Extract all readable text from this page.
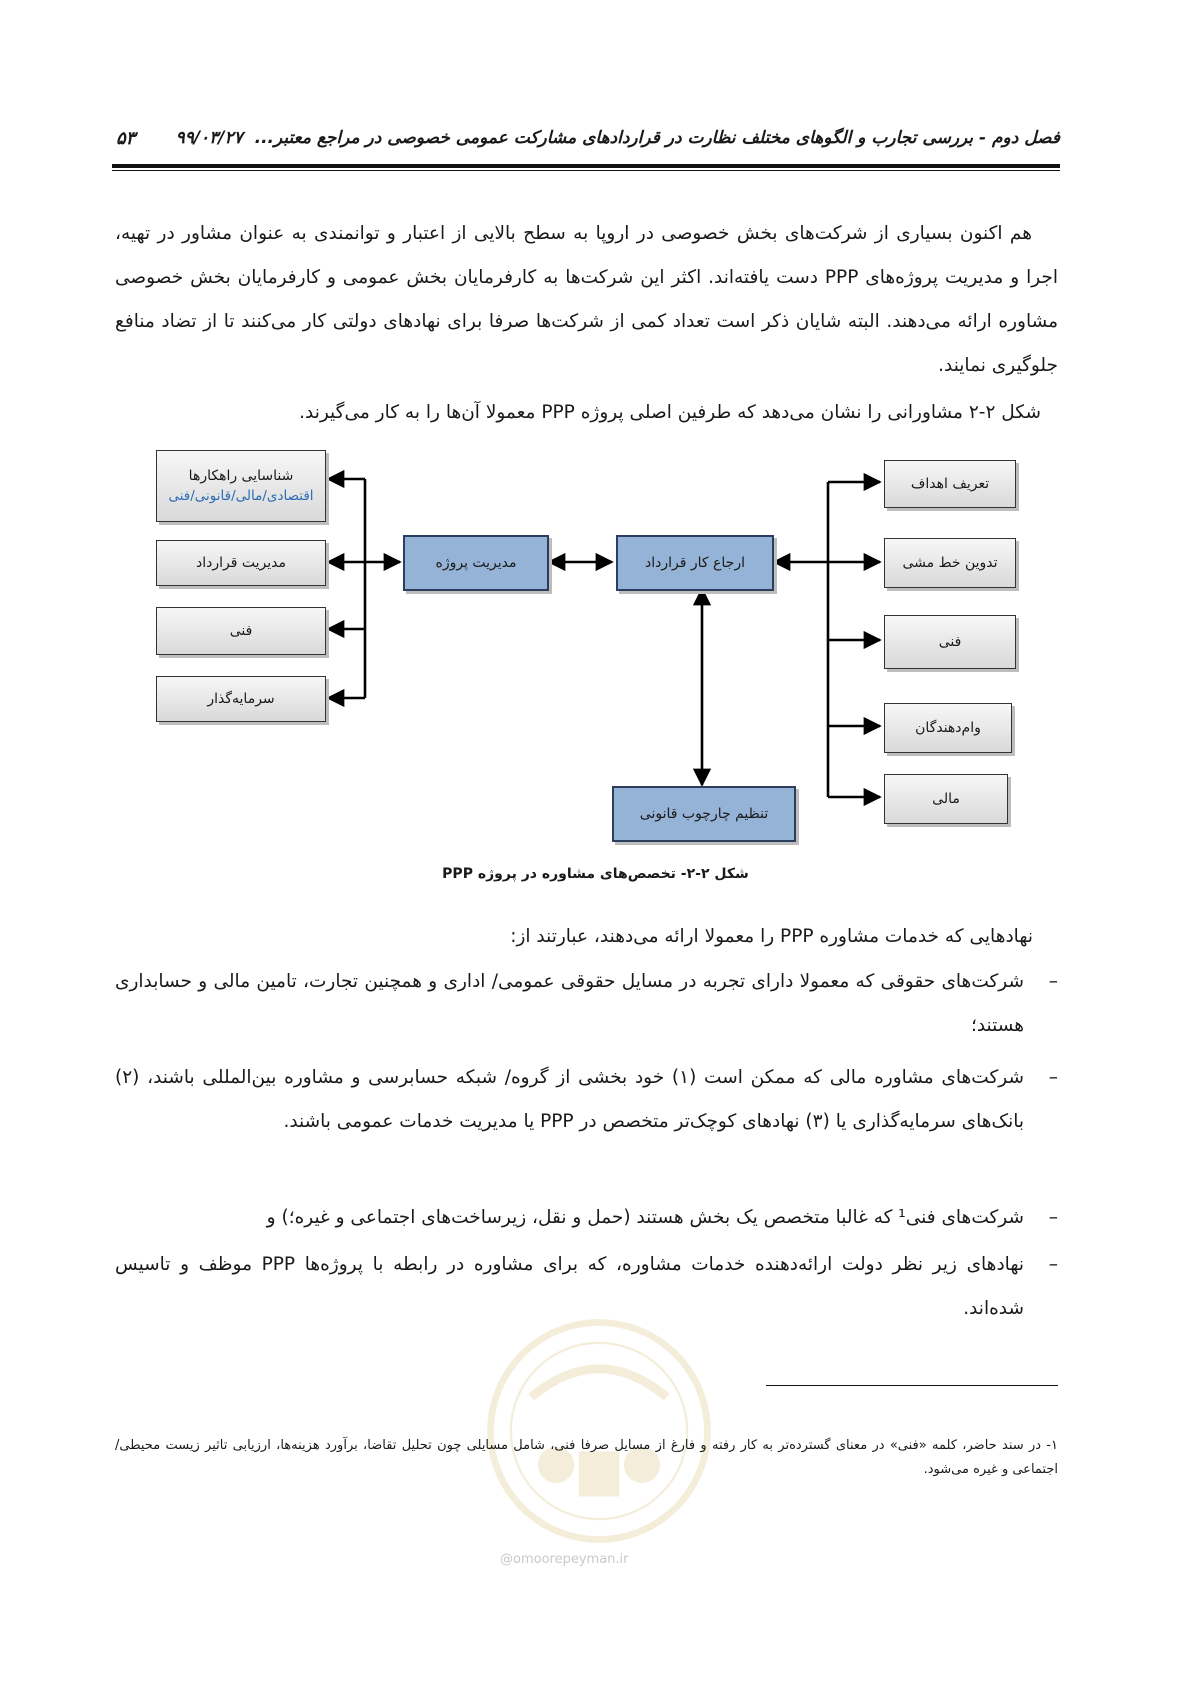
فصل دوم - بررسی تجارب و الگوهای مختلف نظارت در قراردادهای مشارکت عمومی خصوصی در مراجع معتبر...  ۹۹/۰۳/۲۷
۵۳
هم اکنون بسیاری از شرکت‌های بخش خصوصی در اروپا به سطح بالایی از اعتبار و توانمندی به عنوان مشاور در تهیه، اجرا و مدیریت پروژه‌های PPP دست یافته‌اند. اکثر این شرکت‌ها به کارفرمایان بخش عمومی و کارفرمایان بخش خصوصی مشاوره ارائه می‌دهند. البته شایان ذکر است تعداد کمی از شرکت‌ها صرفا برای نهادهای دولتی کار می‌کنند تا از تضاد منافع جلوگیری نمایند.
شکل ۲-۲ مشاورانی را نشان می‌دهد که طرفین اصلی پروژه PPP معمولا آن‌ها را به کار می‌گیرند.
شناسایی راهکارها
اقتصادی/مالی/قانونی/فنی
مدیریت قرارداد
فنی
سرمایه‌گذار
مدیریت پروژه	ارجاع کار قرارداد
تنظیم چارچوب قانونی
تعریف اهداف
تدوین خط مشی
فنی
وام‌دهندگان
مالی
شکل ۲-۲- تخصص‌های مشاوره در پروژه PPP
نهادهایی که خدمات مشاوره PPP را معمولا ارائه می‌دهند، عبارتند از:
–
شرکت‌های حقوقی که معمولا دارای تجربه در مسایل حقوقی عمومی/ اداری و همچنین تجارت، تامین مالی و حسابداری هستند؛
–
شرکت‌های مشاوره مالی که ممکن است (۱) خود بخشی از گروه/ شبکه حسابرسی و مشاوره بین‌المللی باشند، (۲) بانک‌های سرمایه‌گذاری یا (۳) نهادهای کوچک‌تر متخصص در PPP یا مدیریت خدمات عمومی باشند.
–
شرکت‌های فنی¹ که غالبا متخصص یک بخش هستند (حمل و نقل، زیرساخت‌های اجتماعی و غیره؛) و
–
نهادهای زیر نظر دولت ارائه‌دهنده خدمات مشاوره، که برای مشاوره در رابطه با پروژه‌ها PPP موظف و تاسیس شده‌اند.
@omoorepeyman.ir
۱- در سند حاضر، کلمه «فنی» در معنای گسترده‌تر به کار رفته و فارغ از مسایل صرفا فنی، شامل مسایلی چون تحلیل تقاضا، برآورد هزینه‌ها، ارزیابی تاثیر زیست محیطی/ اجتماعی و غیره می‌شود.
